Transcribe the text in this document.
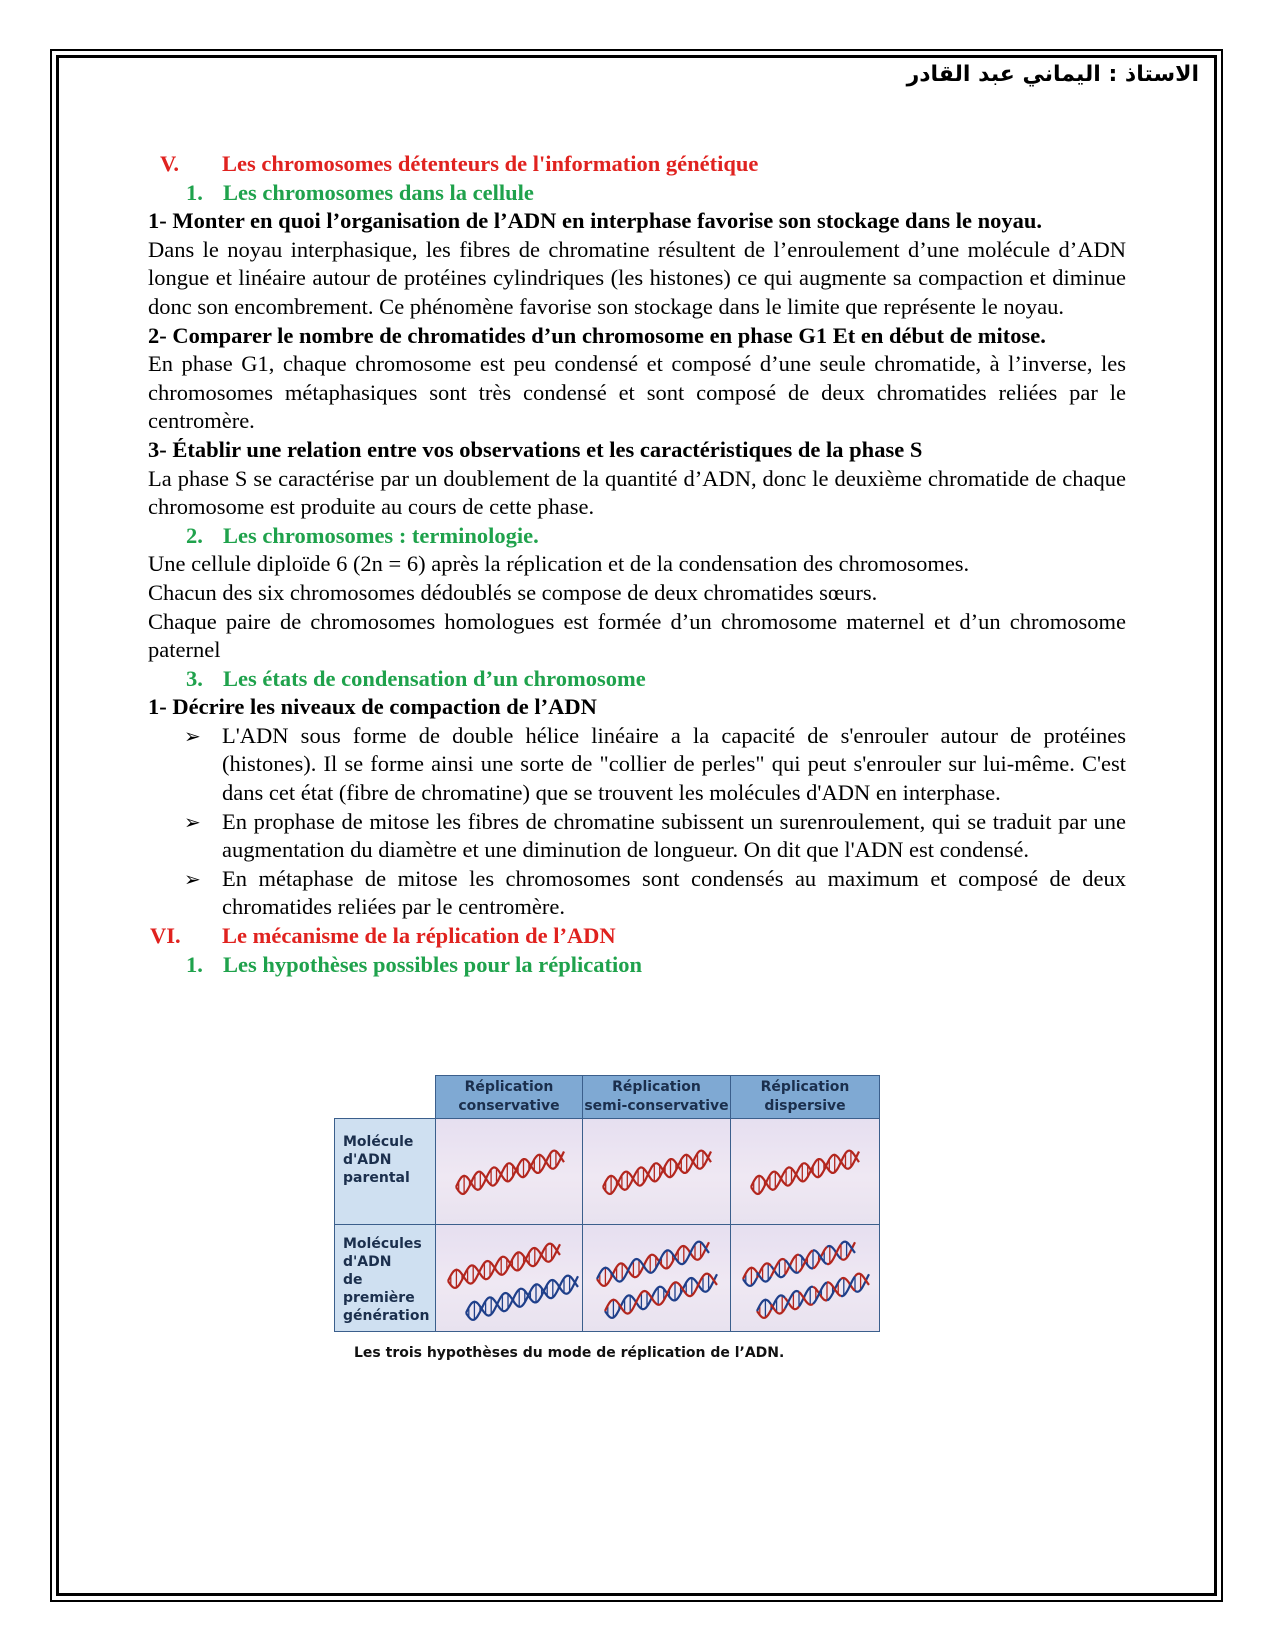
الاستاذ : اليماني عبد القادر
V.	Les chromosomes détenteurs de l'information génétique
1. Les chromosomes dans la cellule

1- Monter en quoi l’organisation de l’ADN en interphase favorise son stockage dans le noyau.

Dans le noyau interphasique, les fibres de chromatine résultent de l’enroulement d’une molécule d’ADN longue et linéaire autour de protéines cylindriques (les histones) ce qui augmente sa compaction et diminue donc son encombrement. Ce phénomène favorise son stockage dans le limite que représente le noyau.

2- Comparer le nombre de chromatides d’un chromosome en phase G1 Et en début de mitose.

En phase G1, chaque chromosome est peu condensé et composé d’une seule chromatide, à l’inverse, les chromosomes métaphasiques sont très condensé et sont composé de deux chromatides reliées par le centromère.

3- Établir une relation entre vos observations et les caractéristiques de la phase S

La phase S se caractérise par un doublement de la quantité d’ADN, donc le deuxième chromatide de chaque chromosome est produite au cours de cette phase.

2. Les chromosomes : terminologie.

Une cellule diploïde 6 (2n = 6) après la réplication et de la condensation des chromosomes.

Chacun des six chromosomes dédoublés se compose de deux chromatides sœurs.

Chaque paire de chromosomes homologues est formée d’un chromosome maternel et d’un chromosome paternel

3. Les états de condensation d’un chromosome

1- Décrire les niveaux de compaction de l’ADN

➢ L'ADN sous forme de double hélice linéaire a la capacité de s'enrouler autour de protéines (histones). Il se forme ainsi une sorte de "collier de perles" qui peut s'enrouler sur lui-même. C'est dans cet état (fibre de chromatine) que se trouvent les molécules d'ADN en interphase.
➢ En prophase de mitose les fibres de chromatine subissent un surenroulement, qui se traduit par une augmentation du diamètre et une diminution de longueur. On dit que l'ADN est condensé.
➢ En métaphase de mitose les chromosomes sont condensés au maximum et composé de deux chromatides reliées par le centromère.
VI.	Le mécanisme de la réplication de l’ADN
1. Les hypothèses possibles pour la réplication
Réplication
conservative
Réplication
semi-conservative
Réplication
dispersive
Molécule
d'ADN
parental
Molécules
d'ADN
de première
génération
Les trois hypothèses du mode de réplication de l’ADN.
